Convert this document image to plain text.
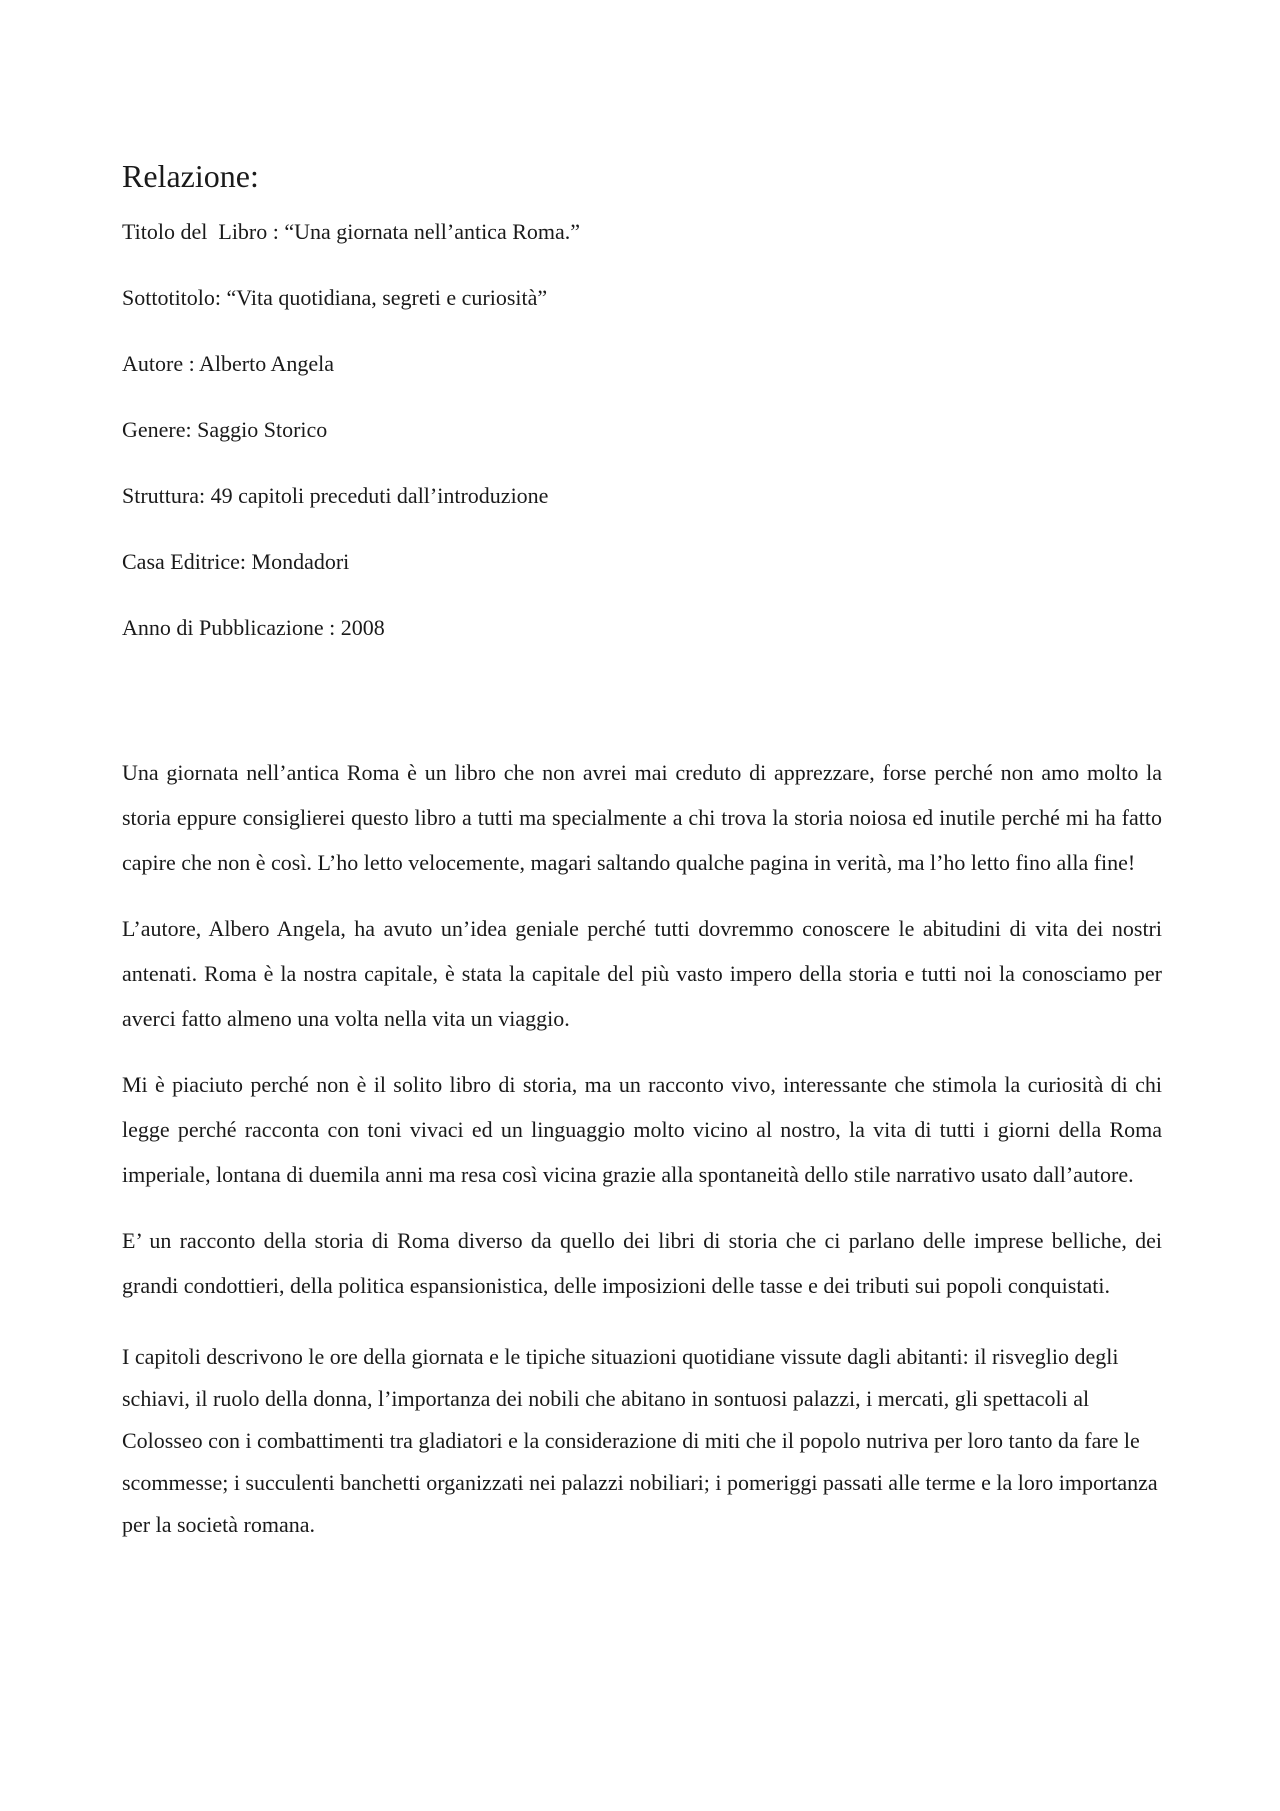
Relazione:

Titolo del  Libro : “Una giornata nell’antica Roma.”

Sottotitolo: “Vita quotidiana, segreti e curiosità”

Autore : Alberto Angela

Genere: Saggio Storico

Struttura: 49 capitoli preceduti dall’introduzione

Casa Editrice: Mondadori

Anno di Pubblicazione : 2008

Una giornata nell’antica Roma è un libro che non avrei mai creduto di apprezzare, forse perché non amo molto la storia eppure consiglierei questo libro a tutti ma specialmente a chi trova la storia noiosa ed inutile perché mi ha fatto capire che non è così. L’ho letto velocemente, magari saltando qualche pagina in verità, ma l’ho letto fino alla fine!

L’autore, Albero Angela, ha avuto un’idea geniale perché tutti dovremmo conoscere le abitudini di vita dei nostri antenati. Roma è la nostra capitale, è stata la capitale del più vasto impero della storia e tutti noi la conosciamo per averci fatto almeno una volta nella vita un viaggio.

Mi è piaciuto perché non è il solito libro di storia, ma un racconto vivo, interessante che stimola la curiosità di chi legge perché racconta con toni vivaci ed un linguaggio molto vicino al nostro, la vita di tutti i giorni della Roma imperiale, lontana di duemila anni ma resa così vicina grazie alla spontaneità dello stile narrativo usato dall’autore.

E’ un racconto della storia di Roma diverso da quello dei libri di storia che ci parlano delle imprese belliche, dei grandi condottieri, della politica espansionistica, delle imposizioni delle tasse e dei tributi sui popoli conquistati.

I capitoli descrivono le ore della giornata e le tipiche situazioni quotidiane vissute dagli abitanti: il risveglio degli schiavi, il ruolo della donna, l’importanza dei nobili che abitano in sontuosi palazzi, i mercati, gli spettacoli al Colosseo con i combattimenti tra gladiatori e la considerazione di miti che il popolo nutriva per loro tanto da fare le scommesse; i succulenti banchetti organizzati nei palazzi nobiliari; i pomeriggi passati alle terme e la loro importanza per la società romana.
